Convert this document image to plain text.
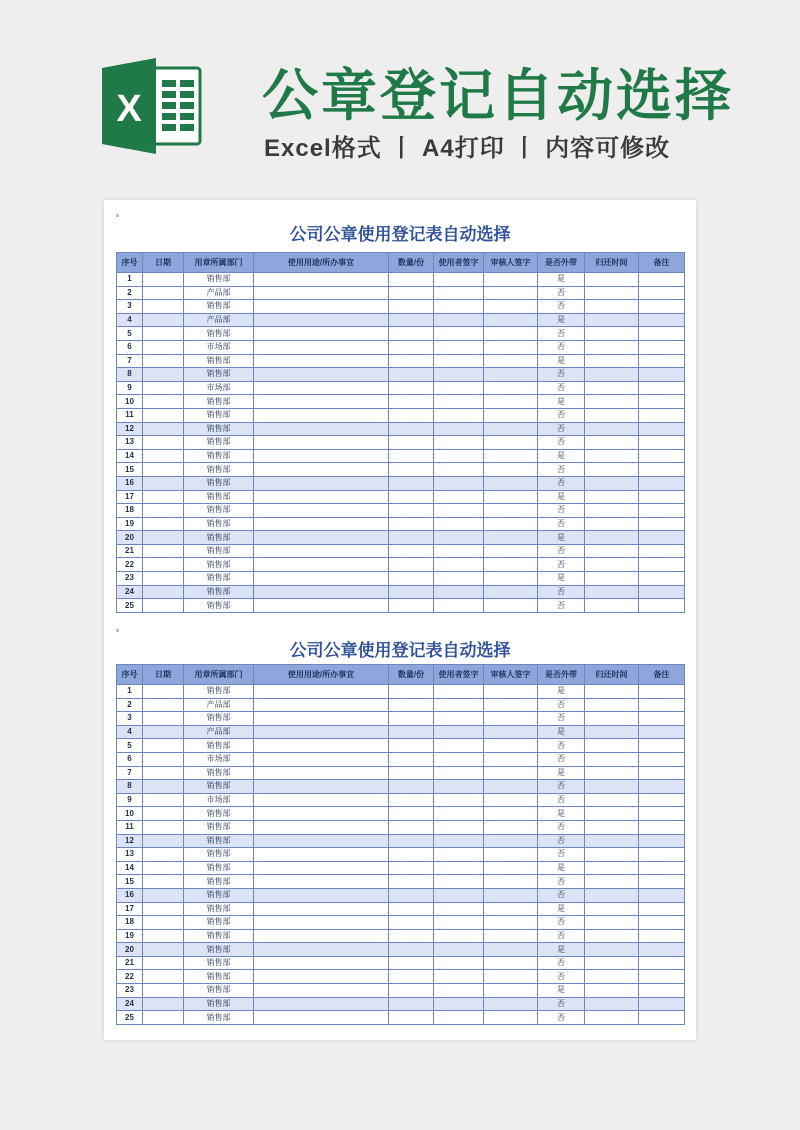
X 公章登记自动选择
Excel格式 丨 A4打印 丨 内容可修改
公司公章使用登记表自动选择
序号	日期	用章所属部门	使用用途/所办事宜	数量/份	使用者签字	审核人签字	是否外带	归还时间	备注
1		销售部					是		
2		产品部					否		
3		销售部					否		
4		产品部					是		
5		销售部					否		
6		市场部					否		
7		销售部					是		
8		销售部					否		
9		市场部					否		
10		销售部					是		
11		销售部					否		
12		销售部					否		
13		销售部					否		
14		销售部					是		
15		销售部					否		
16		销售部					否		
17		销售部					是		
18		销售部					否		
19		销售部					否		
20		销售部					是		
21		销售部					否		
22		销售部					否		
23		销售部					是		
24		销售部					否		
25		销售部					否		
公司公章使用登记表自动选择
序号	日期	用章所属部门	使用用途/所办事宜	数量/份	使用者签字	审核人签字	是否外带	归还时间	备注
1		销售部					是		
2		产品部					否		
3		销售部					否		
4		产品部					是		
5		销售部					否		
6		市场部					否		
7		销售部					是		
8		销售部					否		
9		市场部					否		
10		销售部					是		
11		销售部					否		
12		销售部					否		
13		销售部					否		
14		销售部					是		
15		销售部					否		
16		销售部					否		
17		销售部					是		
18		销售部					否		
19		销售部					否		
20		销售部					是		
21		销售部					否		
22		销售部					否		
23		销售部					是		
24		销售部					否		
25		销售部					否		
